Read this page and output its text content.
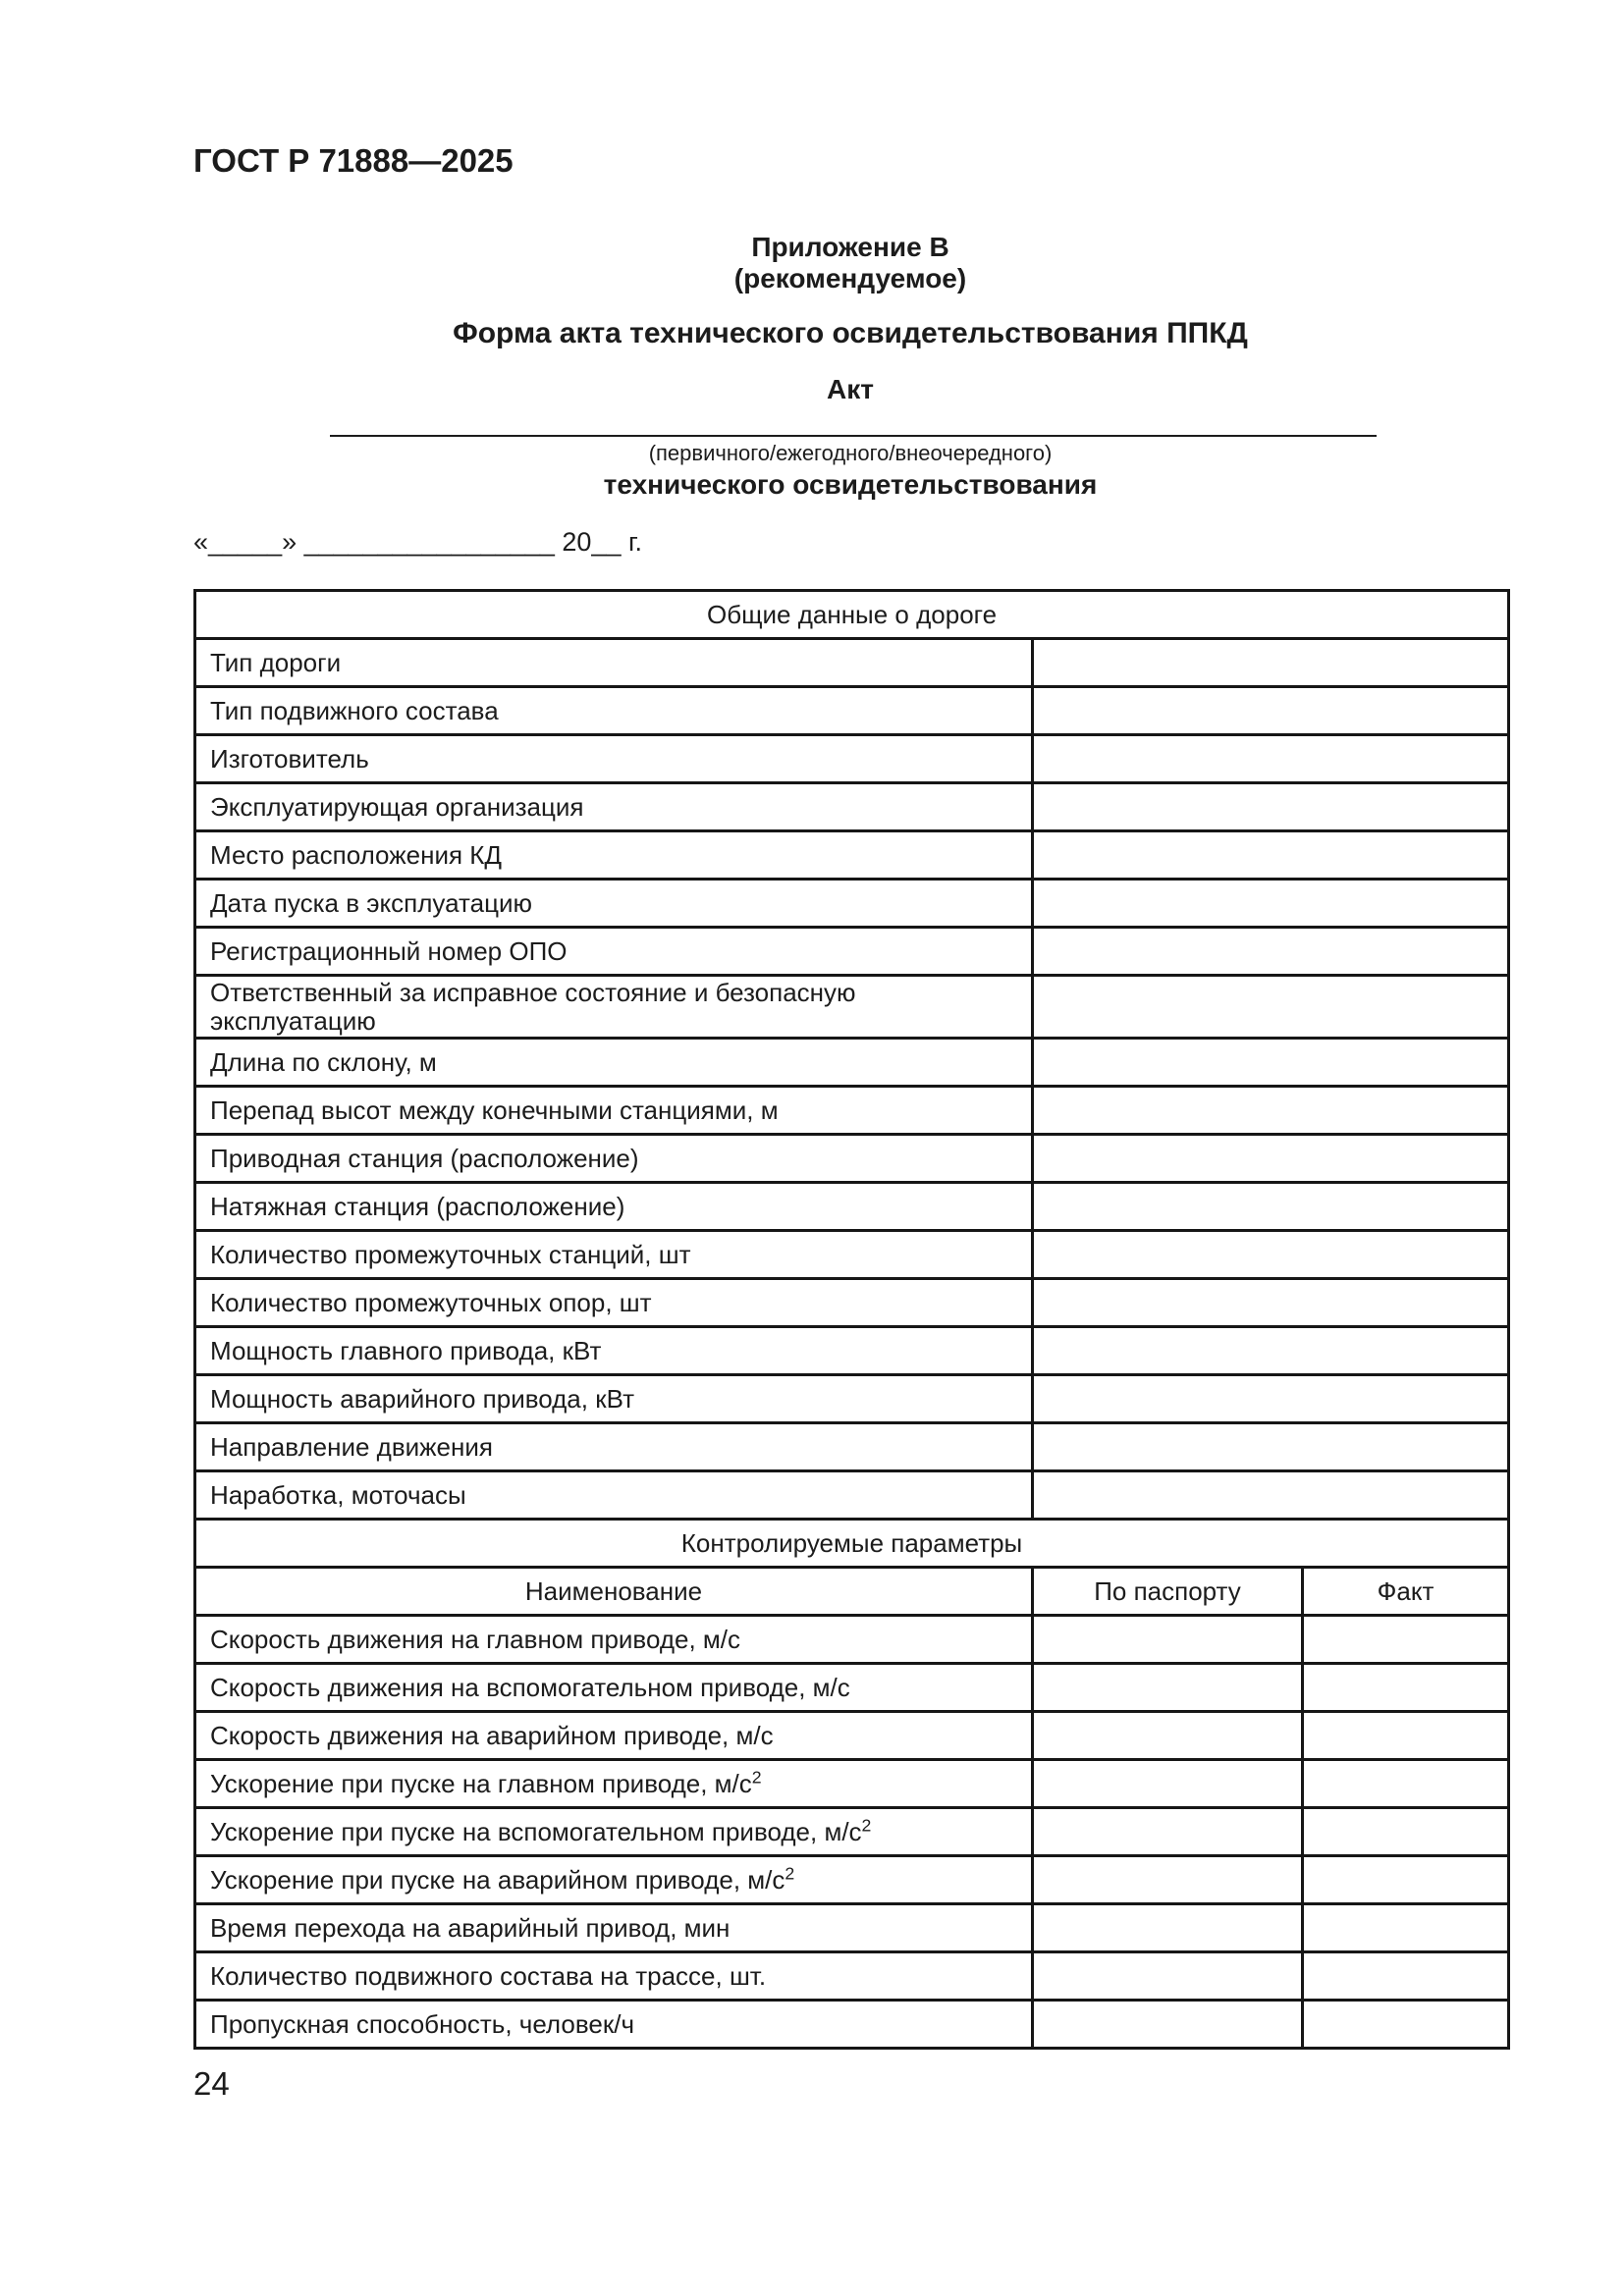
ГОСТ Р 71888—2025
Приложение В
(рекомендуемое)
Форма акта технического освидетельствования ППКД
Акт
(первичного/ежегодного/внеочередного)
технического освидетельствования
«_____» _________________ 20__ г.
Общие данные о дороге		
Тип дороги		
Тип подвижного состава		
Изготовитель		
Эксплуатирующая организация		
Место расположения КД		
Дата пуска в эксплуатацию		
Регистрационный номер ОПО		
Ответственный за исправное состояние и безопасную эксплуатацию		
Длина по склону, м		
Перепад высот между конечными станциями, м		
Приводная станция (расположение)		
Натяжная станция (расположение)		
Количество промежуточных станций, шт		
Количество промежуточных опор, шт		
Мощность главного привода, кВт		
Мощность аварийного привода, кВт		
Направление движения		
Наработка, моточасы		
Контролируемые параметры		
Наименование	По паспорту	Факт
Скорость движения на главном приводе, м/с		
Скорость движения на вспомогательном приводе, м/с		
Скорость движения на аварийном приводе, м/с		
Ускорение при пуске на главном приводе, $м/с^2$		
Ускорение при пуске на вспомогательном приводе, $м/с^2$		
Ускорение при пуске на аварийном приводе, $м/с^2$		
Время перехода на аварийный привод, мин		
Количество подвижного состава на трассе, шт.		
Пропускная способность, человек/ч		
24
